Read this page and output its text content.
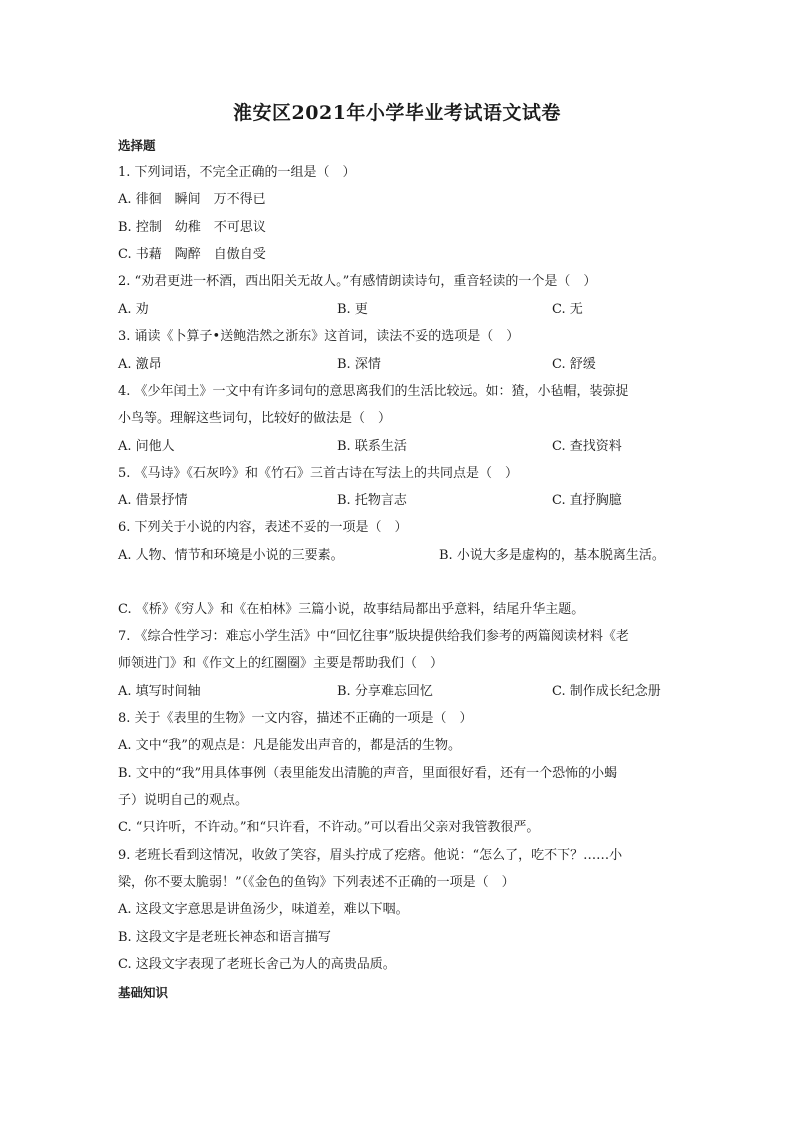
淮安区2021年小学毕业考试语文试卷
选择题
1. 下列词语，不完全正确的一组是（　）
A. 徘徊　瞬间　万不得已
B. 控制　幼稚　不可思议
C. 书藉　陶醉　自傲自受
2. “劝君更进一杯酒，西出阳关无故人。”有感情朗读诗句，重音轻读的一个是（　）
A. 劝	B. 更	C. 无
3. 诵读《卜算子•送鲍浩然之浙东》这首词，读法不妥的选项是（　）
A. 激昂	B. 深情	C. 舒缓
4. 《少年闰土》一文中有许多词句的意思离我们的生活比较远。如：猹，小毡帽，装弶捉
小鸟等。理解这些词句，比较好的做法是（　）
A. 问他人	B. 联系生活	C. 查找资料
5. 《马诗》《石灰吟》和《竹石》三首古诗在写法上的共同点是（　）
A. 借景抒情	B. 托物言志	C. 直抒胸臆
6. 下列关于小说的内容，表述不妥的一项是（　）
A. 人物、情节和环境是小说的三要素。	B. 小说大多是虚构的，基本脱离生活。
C. 《桥》《穷人》和《在柏林》三篇小说，故事结局都出乎意料，结尾升华主题。
7. 《综合性学习：难忘小学生活》中“回忆往事”版块提供给我们参考的两篇阅读材料《老
师领进门》和《作文上的红圈圈》主要是帮助我们（　）
A. 填写时间轴	B. 分享难忘回忆	C. 制作成长纪念册
8. 关于《表里的生物》一文内容，描述不正确的一项是（　）
A. 文中“我”的观点是：凡是能发出声音的，都是活的生物。
B. 文中的“我”用具体事例（表里能发出清脆的声音，里面很好看，还有一个恐怖的小蝎
子）说明自己的观点。
C. “只许听，不许动。”和“只许看，不许动。”可以看出父亲对我管教很严。
9. 老班长看到这情况，收敛了笑容，眉头拧成了疙瘩。他说：“怎么了，吃不下？……小
梁，你不要太脆弱！”（《金色的鱼钩》下列表述不正确的一项是（　）
A. 这段文字意思是讲鱼汤少，味道差，难以下咽。
B. 这段文字是老班长神态和语言描写
C. 这段文字表现了老班长舍己为人的高贵品质。
基础知识
